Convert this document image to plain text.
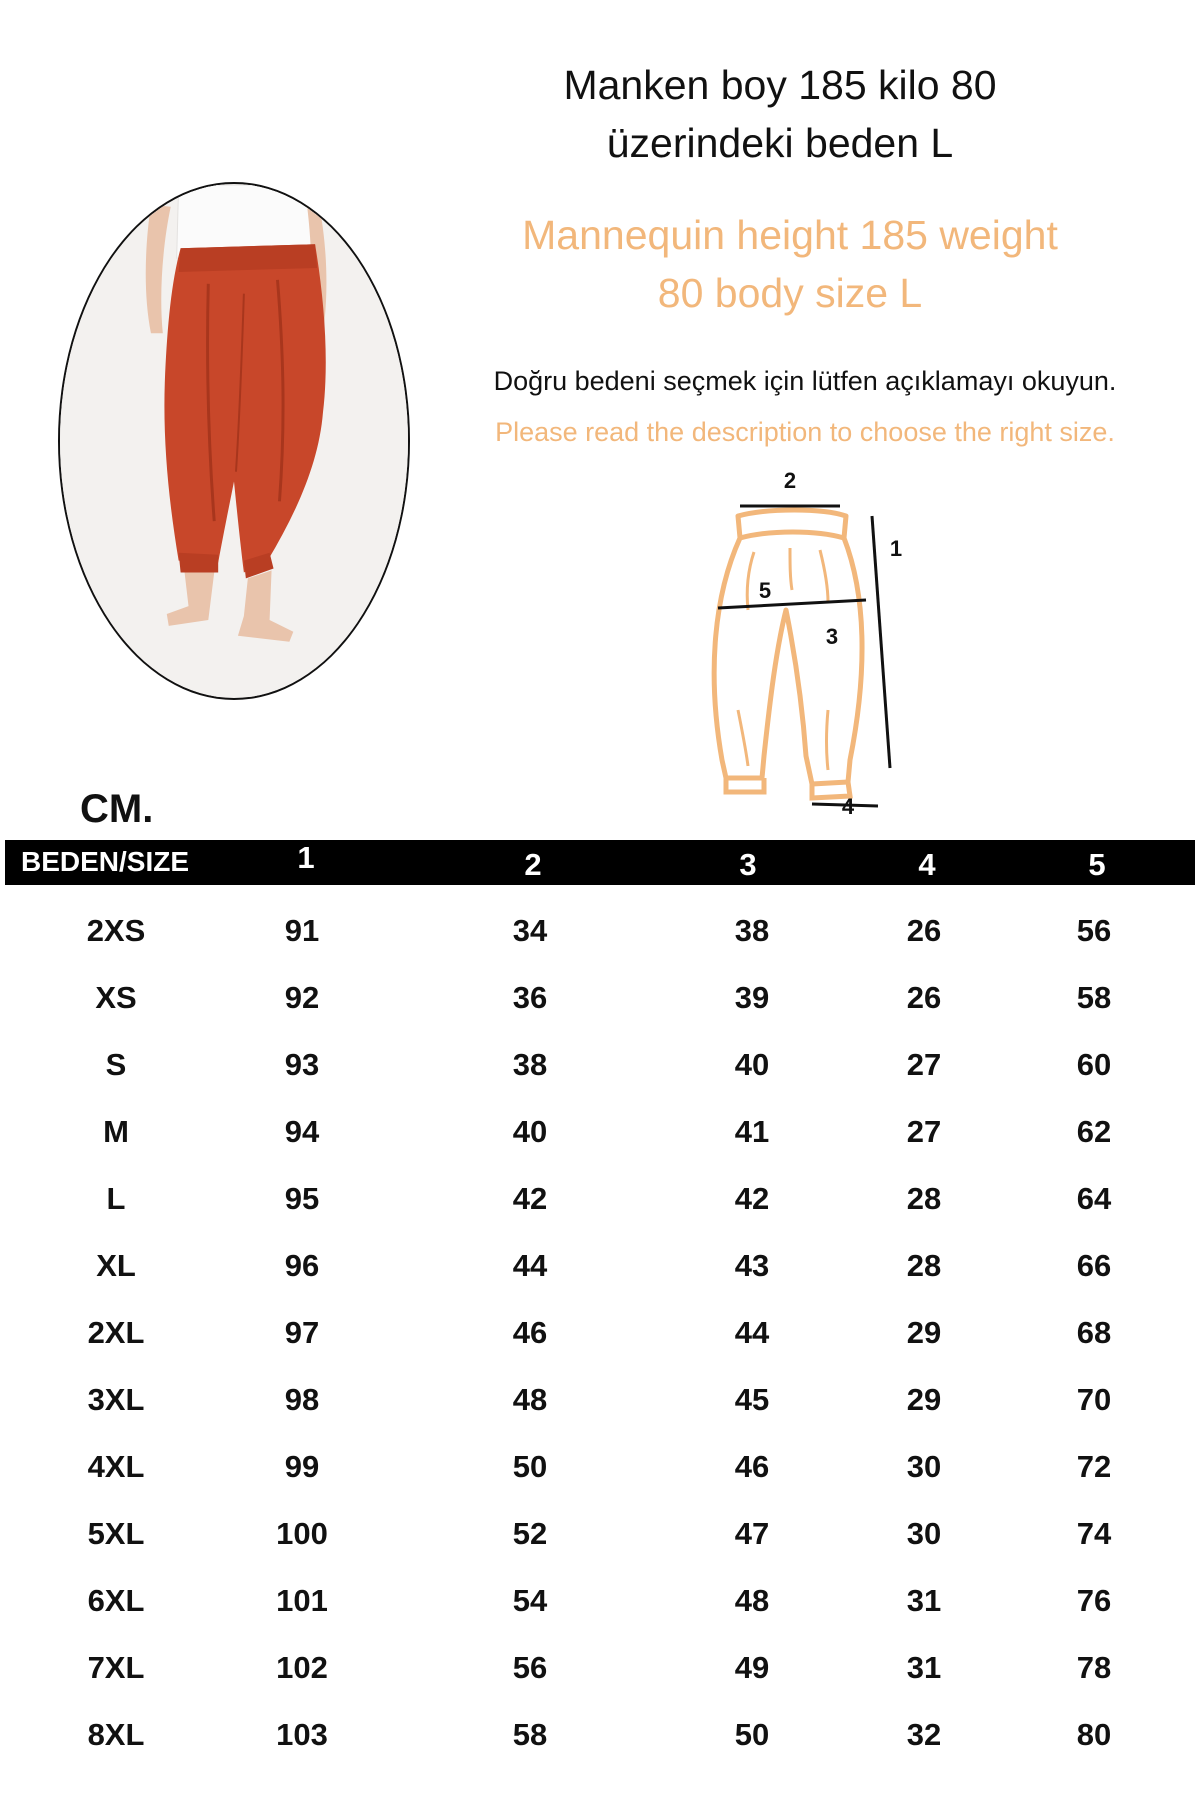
Manken boy 185 kilo 80
üzerindeki beden L
Mannequin height 185 weight
80 body size L
Doğru bedeni seçmek için lütfen açıklamayı okuyun.
Please read the description to choose the right size.
2
1
5
3
4
CM.
BEDEN/SIZE	1	2	3	4	5
2XS	91	34	38	26	56
XS	92	36	39	26	58
S	93	38	40	27	60
M	94	40	41	27	62
L	95	42	42	28	64
XL	96	44	43	28	66
2XL	97	46	44	29	68
3XL	98	48	45	29	70
4XL	99	50	46	30	72
5XL	100	52	47	30	74
6XL	101	54	48	31	76
7XL	102	56	49	31	78
8XL	103	58	50	32	80
